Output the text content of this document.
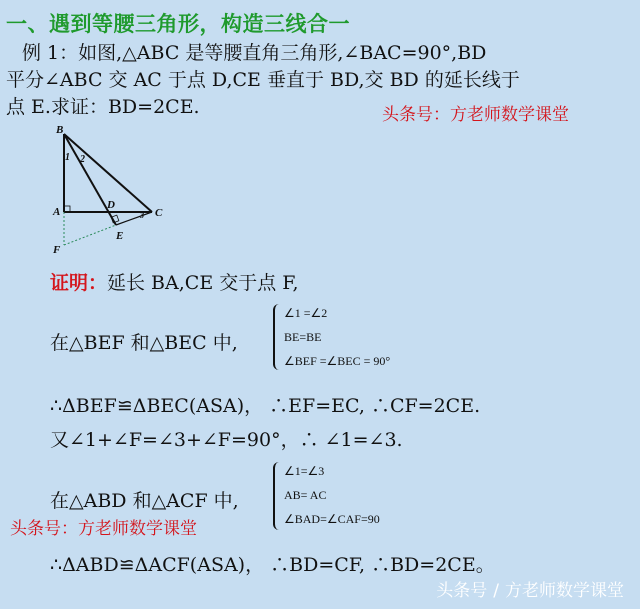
一、遇到等腰三角形，构造三线合一
例 1：如图,△ABC 是等腰直角三角形,∠BAC=90°,BD
平分∠ABC 交 AC 于点 D,CE 垂直于 BD,交 BD 的延长线于
点 E.求证：BD=2CE.	头条号：方老师数学课堂
B
A
D
C
E
F
1 2
3
证明：延长 BA,CE 交于点 F,
在△BEF 和△BEC 中,
∠1 =∠2
BE=BE
∠BEF =∠BEC = 90°
∴ΔBEF≌ΔBEC(ASA)， ∴EF=EC, ∴CF=2CE.
又∠1+∠F=∠3+∠F=90°，∴ ∠1=∠3.
在△ABD 和△ACF 中,
∠1=∠3
AB= AC
∠BAD=∠CAF=90
头条号：方老师数学课堂
∴ΔABD≌ΔACF(ASA)， ∴BD=CF, ∴BD=2CE。
头条号 / 方老师数学课堂
